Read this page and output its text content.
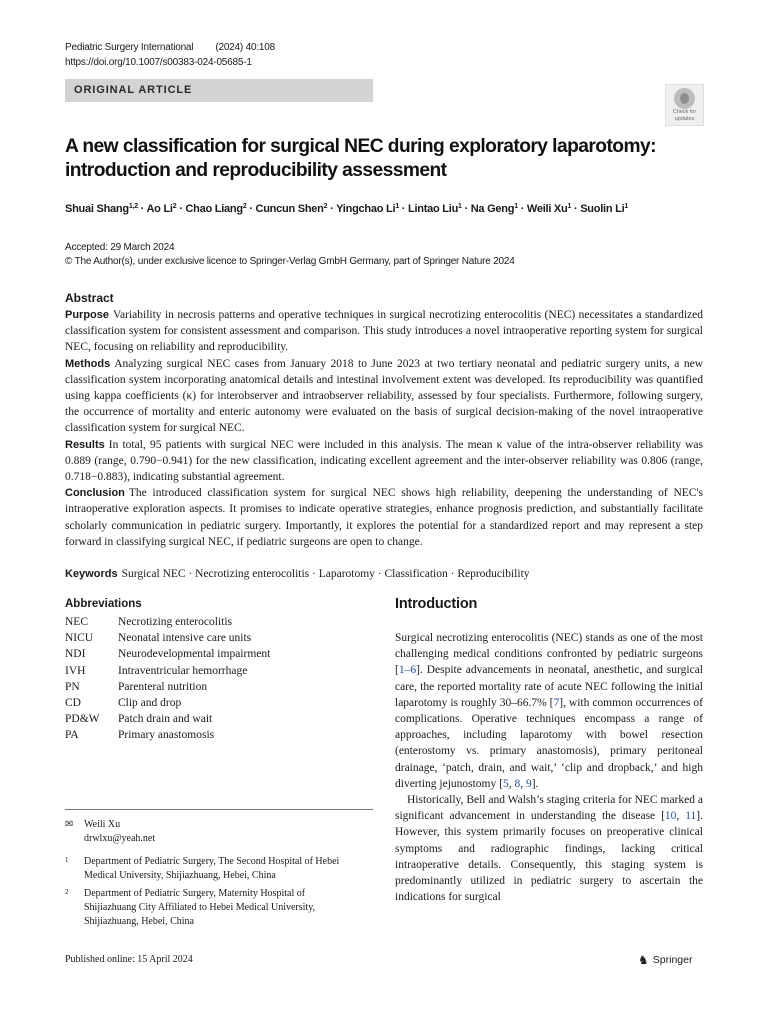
Pediatric Surgery International (2024) 40:108
https://doi.org/10.1007/s00383-024-05685-1
ORIGINAL ARTICLE
Check for
updates
A new classification for surgical NEC during exploratory laparotomy: introduction and reproducibility assessment
Shuai Shang$^{1,2}$ · Ao $Li^2$ · Chao Liang$^2$ · Cuncun Shen$^2$ · Yingchao $Li^1$ · Lintao Liu$^1$ · Na Geng$^1$ · Weili $Xu^1$ · Suolin Li$^1$
Accepted: 29 March 2024
© The Author(s), under exclusive licence to Springer-Verlag GmbH Germany, part of Springer Nature 2024
Abstract

Purpose Variability in necrosis patterns and operative techniques in surgical necrotizing enterocolitis (NEC) necessitates a standardized classification system for consistent assessment and comparison. This study introduces a novel intraoperative reporting system for surgical NEC, focusing on reliability and reproducibility.

Methods Analyzing surgical NEC cases from January 2018 to June 2023 at two tertiary neonatal and pediatric surgery units, a new classification system incorporating anatomical details and intestinal involvement extent was developed. Its reproducibility was quantified using kappa coefficients (κ) for interobserver and intraobserver reliability, assessed by four specialists. Furthermore, following surgery, the occurrence of mortality and enteric autonomy were evaluated on the basis of surgical decision-making of the novel intraoperative classification system for surgical NEC.

Results In total, 95 patients with surgical NEC were included in this analysis. The mean κ value of the intra-observer reliability was 0.889 (range, 0.790−0.941) for the new classification, indicating excellent agreement and the inter-observer reliability was 0.806 (range, 0.718−0.883), indicating substantial agreement.

Conclusion The introduced classification system for surgical NEC shows high reliability, deepening the understanding of NEC's intraoperative exploration aspects. It promises to indicate operative strategies, enhance prognosis prediction, and substantially facilitate scholarly communication in pediatric surgery. Importantly, it explores the potential for a standardized report and may represent a step forward in classifying surgical NEC, if pediatric surgeons are open to change.

Keywords Surgical NEC · Necrotizing enterocolitis · Laparotomy · Classification · Reproducibility
Abbreviations
NEC	Necrotizing enterocolitis
NICU	Neonatal intensive care units
NDI	Neurodevelopmental impairment
IVH	Intraventricular hemorrhage
PN	Parenteral nutrition
CD	Clip and drop
PD&W	Patch drain and wait
PA	Primary anastomosis
✉	Weili Xu
drwlxu@yeah.net
1	Department of Pediatric Surgery, The Second Hospital of Hebei Medical University, Shijiazhuang, Hebei, China
2	Department of Pediatric Surgery, Maternity Hospital of Shijiazhuang City Affiliated to Hebei Medical University, Shijiazhuang, Hebei, China
Published online: 15 April 2024	♞ Springer
Introduction

Surgical necrotizing enterocolitis (NEC) stands as one of the most challenging medical conditions confronted by pediatric surgeons [1–6]. Despite advancements in neonatal, anesthetic, and surgical care, the reported mortality rate of acute NEC following the initial laparotomy is roughly 30–66.7% [7], with common occurrences of complications. Operative techniques encompass a range of approaches, including laparotomy with bowel resection (enterostomy vs. primary anastomosis), primary peritoneal drainage, ‘patch, drain, and wait,’ ‘clip and dropback,’ and high diverting jejunostomy [5, 8, 9].

Historically, Bell and Walsh’s staging criteria for NEC marked a significant advancement in understanding the disease [10, 11]. However, this system primarily focuses on preoperative clinical symptoms and radiographic findings, lacking critical intraoperative details. Consequently, this staging system is predominantly utilized in pediatric surgery to ascertain the indications for surgical
